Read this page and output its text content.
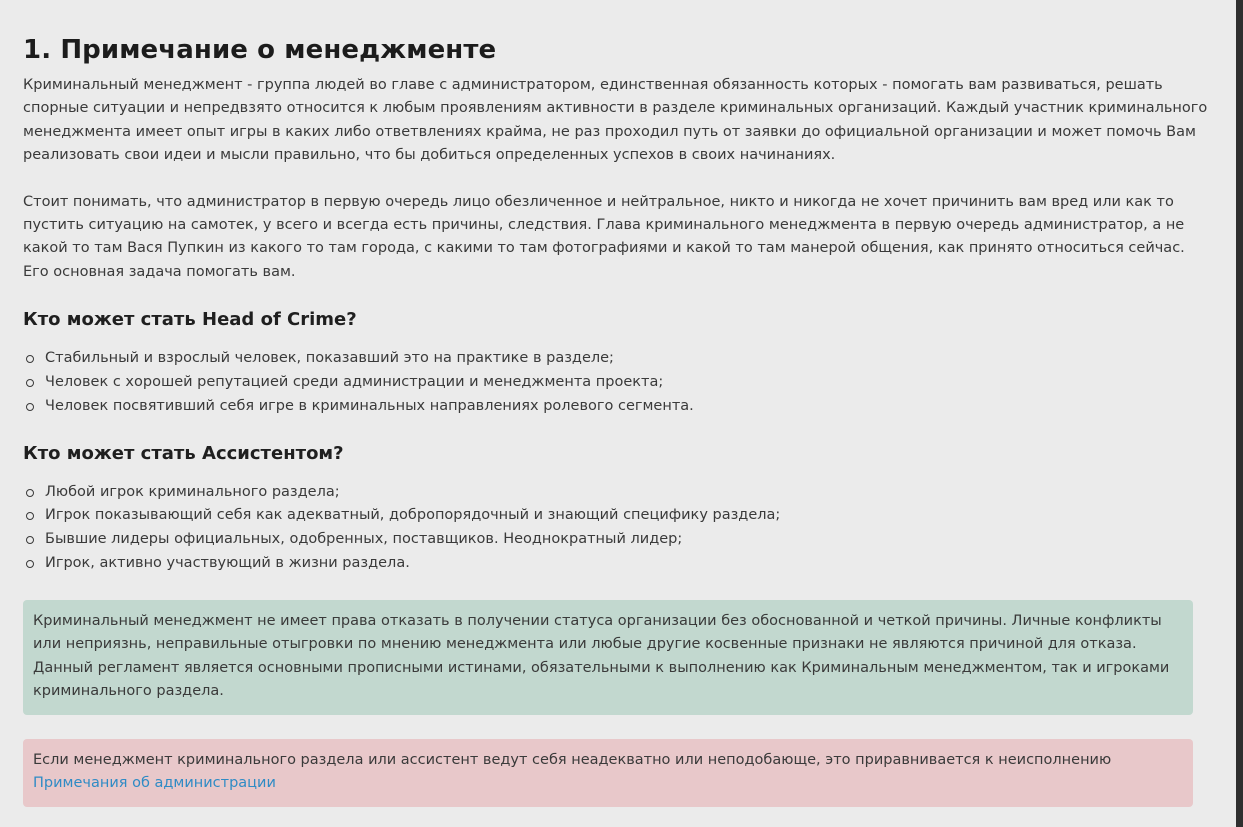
1. Примечание о менеджменте

Криминальный менеджмент - группа людей во главе с администратором, единственная обязанность которых - помогать вам развиваться, решать спорные ситуации и непредвзято относится к любым проявлениям активности в разделе криминальных организаций. Каждый участник криминального менеджмента имеет опыт игры в каких либо ответвлениях крайма, не раз проходил путь от заявки до официальной организации и может помочь Вам реализовать свои идеи и мысли правильно, что бы добиться определенных успехов в своих начинаниях.

Стоит понимать, что администратор в первую очередь лицо обезличенное и нейтральное, никто и никогда не хочет причинить вам вред или как то пустить ситуацию на самотек, у всего и всегда есть причины, следствия. Глава криминального менеджмента в первую очередь администратор, а не какой то там Вася Пупкин из какого то там города, с какими то там фотографиями и какой то там манерой общения, как принято относиться сейчас. Его основная задача помогать вам.

Кто может стать Head of Crime?
Стабильный и взрослый человек, показавший это на практике в разделе;
Человек с хорошей репутацией среди администрации и менеджмента проекта;
Человек посвятивший себя игре в криминальных направлениях ролевого сегмента.
Кто может стать Ассистентом?
Любой игрок криминального раздела;
Игрок показывающий себя как адекватный, добропорядочный и знающий специфику раздела;
Бывшие лидеры официальных, одобренных, поставщиков. Неоднократный лидер;
Игрок, активно участвующий в жизни раздела.

Криминальный менеджмент не имеет права отказать в получении статуса организации без обоснованной и четкой причины. Личные конфликты или неприязнь, неправильные отыгровки по мнению менеджмента или любые другие косвенные признаки не являются причиной для отказа. Данный регламент является основными прописными истинами, обязательными к выполнению как Криминальным менеджментом, так и игроками криминального раздела.

Если менеджмент криминального раздела или ассистент ведут себя неадекватно или неподобающе, это приравнивается к неисполнению
Примечания об администрации
